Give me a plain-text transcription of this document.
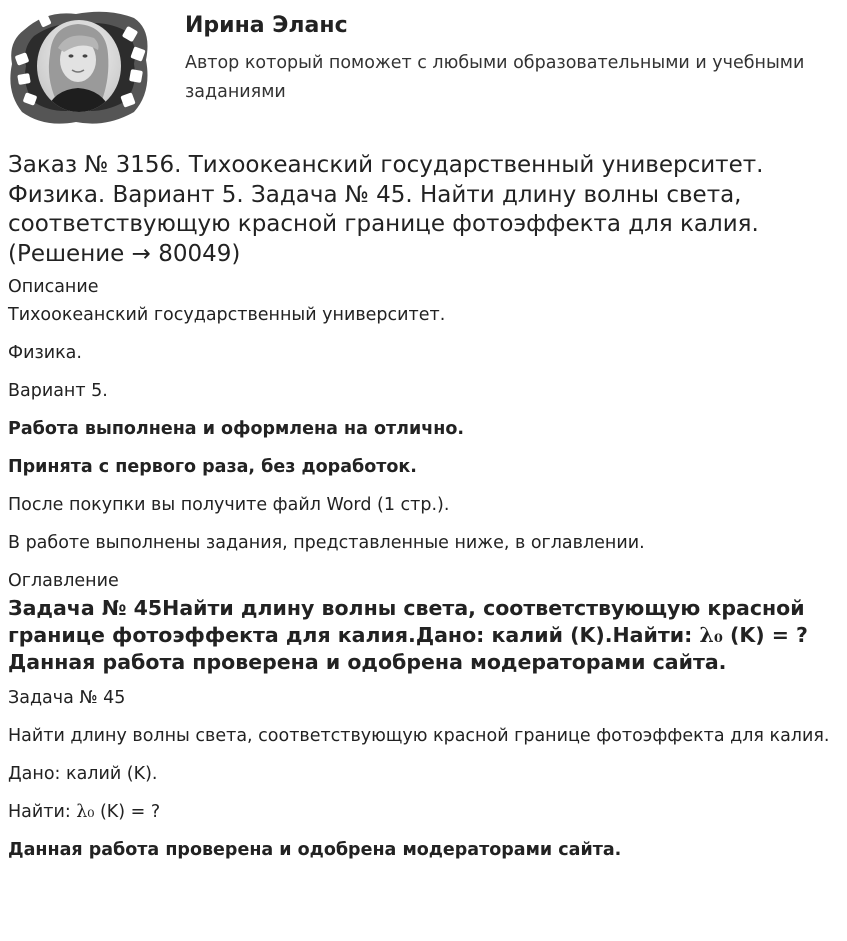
Ирина Эланс
Автор который поможет с любыми образовательными и учебными заданиями
Заказ № 3156. Тихоокеанский государственный университет. Физика. Вариант 5. Задача № 45. Найти длину волны света, соответствующую красной границе фотоэффекта для калия. (Решение → 80049)
Описание

Тихоокеанский государственный университет.

Физика.

Вариант 5.

Работа выполнена и оформлена на отлично.

Принята с первого раза, без доработок.

После покупки вы получите файл Word (1 стр.).

В работе выполнены задания, представленные ниже, в оглавлении.

Оглавление
Задача № 45Найти длину волны света, соответствующую красной границе фотоэффекта для калия.Дано: калий (K).Найти: λ₀ (K) = ? Данная работа проверена и одобрена модераторами сайта.

Задача № 45

Найти длину волны света, соответствующую красной границе фотоэффекта для калия.

Дано: калий (K).

Найти: λ₀ (K) = ?

Данная работа проверена и одобрена модераторами сайта.
